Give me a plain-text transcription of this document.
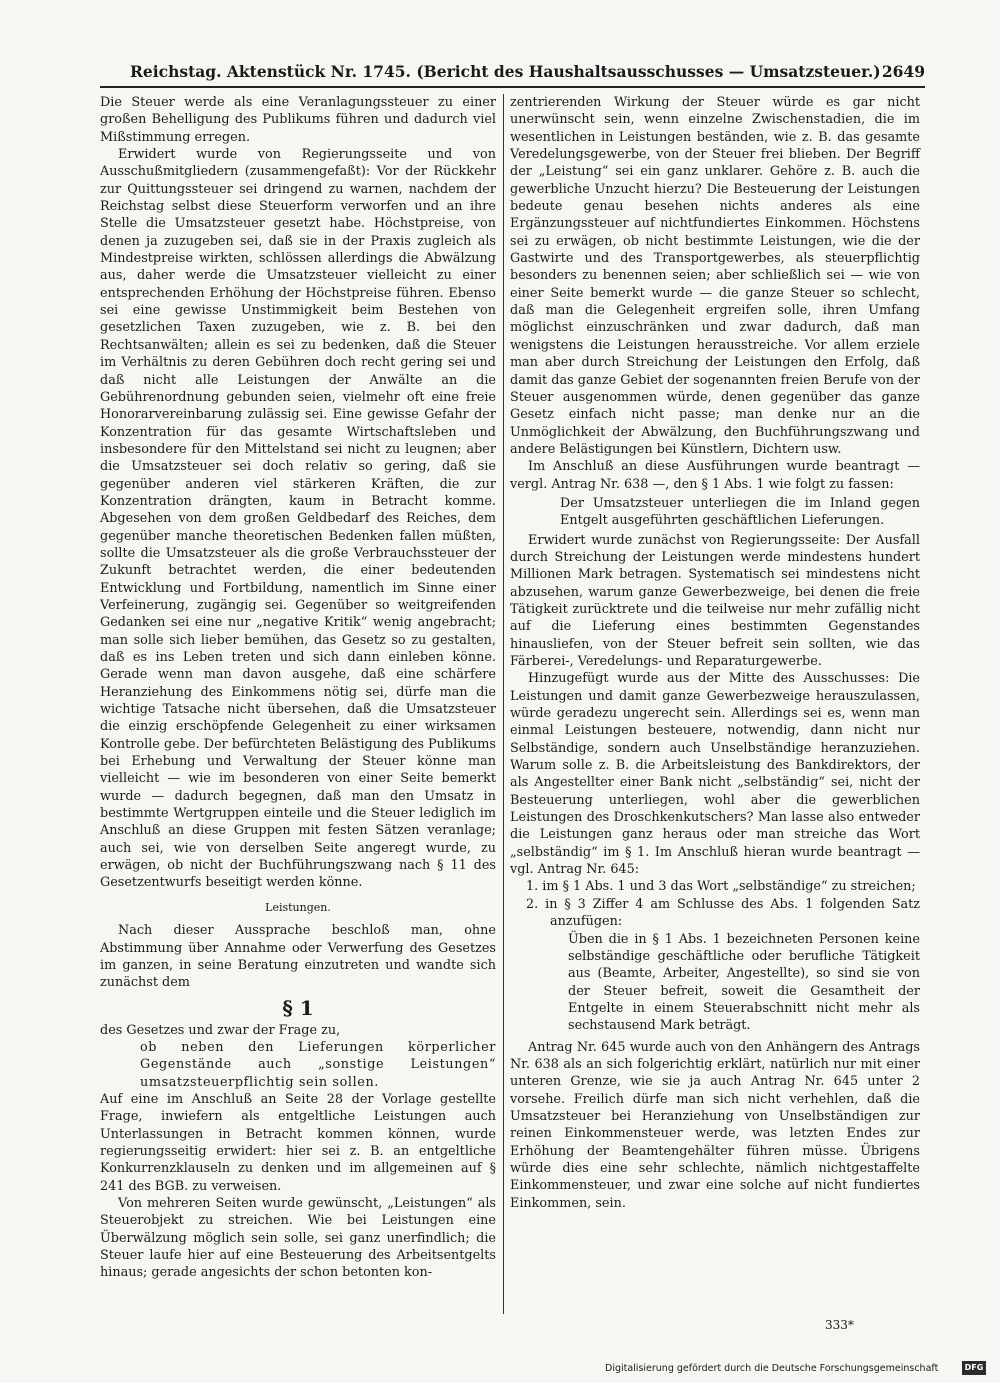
Reichstag. Aktenstück Nr. 1745. (Bericht des Haushaltsausschusses — Umsatzsteuer.) 2649

Die Steuer werde als eine Veranlagungssteuer zu einer großen Behelligung des Publikums führen und dadurch viel Mißstimmung erregen.

Erwidert wurde von Regierungsseite und von Ausschußmitgliedern (zusammengefaßt): Vor der Rückkehr zur Quittungssteuer sei dringend zu warnen, nachdem der Reichstag selbst diese Steuerform verworfen und an ihre Stelle die Umsatzsteuer gesetzt habe. Höchstpreise, von denen ja zuzugeben sei, daß sie in der Praxis zugleich als Mindestpreise wirkten, schlössen allerdings die Abwälzung aus, daher werde die Umsatzsteuer vielleicht zu einer entsprechenden Erhöhung der Höchstpreise führen. Ebenso sei eine gewisse Unstimmigkeit beim Bestehen von gesetzlichen Taxen zuzugeben, wie z. B. bei den Rechtsanwälten; allein es sei zu bedenken, daß die Steuer im Verhältnis zu deren Gebühren doch recht gering sei und daß nicht alle Leistungen der Anwälte an die Gebührenordnung gebunden seien, vielmehr oft eine freie Honorarvereinbarung zulässig sei. Eine gewisse Gefahr der Konzentration für das gesamte Wirtschaftsleben und insbesondere für den Mittelstand sei nicht zu leugnen; aber die Umsatzsteuer sei doch relativ so gering, daß sie gegenüber anderen viel stärkeren Kräften, die zur Konzentration drängten, kaum in Betracht komme. Abgesehen von dem großen Geldbedarf des Reiches, dem gegenüber manche theoretischen Bedenken fallen müßten, sollte die Umsatzsteuer als die große Verbrauchssteuer der Zukunft betrachtet werden, die einer bedeutenden Entwicklung und Fortbildung, namentlich im Sinne einer Verfeinerung, zugängig sei. Gegenüber so weitgreifenden Gedanken sei eine nur „negative Kritik“ wenig angebracht; man solle sich lieber bemühen, das Gesetz so zu gestalten, daß es ins Leben treten und sich dann einleben könne. Gerade wenn man davon ausgehe, daß eine schärfere Heranziehung des Einkommens nötig sei, dürfe man die wichtige Tatsache nicht übersehen, daß die Umsatzsteuer die einzig erschöpfende Gelegenheit zu einer wirksamen Kontrolle gebe. Der befürchteten Belästigung des Publikums bei Erhebung und Verwaltung der Steuer könne man vielleicht — wie im besonderen von einer Seite bemerkt wurde — dadurch begegnen, daß man den Umsatz in bestimmte Wertgruppen einteile und die Steuer lediglich im Anschluß an diese Gruppen mit festen Sätzen veranlage; auch sei, wie von derselben Seite angeregt wurde, zu erwägen, ob nicht der Buchführungszwang nach § 11 des Gesetzentwurfs beseitigt werden könne.

Leistungen.

Nach dieser Aussprache beschloß man, ohne Abstimmung über Annahme oder Verwerfung des Gesetzes im ganzen, in seine Beratung einzutreten und wandte sich zunächst dem

§ 1

des Gesetzes und zwar der Frage zu,

ob neben den Lieferungen körperlicher Gegenstände auch „sonstige Leistungen“ umsatzsteuerpflichtig sein sollen.

Auf eine im Anschluß an Seite 28 der Vorlage gestellte Frage, inwiefern als entgeltliche Leistungen auch Unterlassungen in Betracht kommen können, wurde regierungsseitig erwidert: hier sei z. B. an entgeltliche Konkurrenzklauseln zu denken und im allgemeinen auf § 241 des BGB. zu verweisen.

Von mehreren Seiten wurde gewünscht, „Leistungen“ als Steuerobjekt zu streichen. Wie bei Leistungen eine Überwälzung möglich sein solle, sei ganz unerfindlich; die Steuer laufe hier auf eine Besteuerung des Arbeitsentgelts hinaus; gerade angesichts der schon betonten kon-

zentrierenden Wirkung der Steuer würde es gar nicht unerwünscht sein, wenn einzelne Zwischenstadien, die im wesentlichen in Leistungen beständen, wie z. B. das gesamte Veredelungsgewerbe, von der Steuer frei blieben. Der Begriff der „Leistung“ sei ein ganz unklarer. Gehöre z. B. auch die gewerbliche Unzucht hierzu? Die Besteuerung der Leistungen bedeute genau besehen nichts anderes als eine Ergänzungssteuer auf nichtfundiertes Einkommen. Höchstens sei zu erwägen, ob nicht bestimmte Leistungen, wie die der Gastwirte und des Transportgewerbes, als steuerpflichtig besonders zu benennen seien; aber schließlich sei — wie von einer Seite bemerkt wurde — die ganze Steuer so schlecht, daß man die Gelegenheit ergreifen solle, ihren Umfang möglichst einzuschränken und zwar dadurch, daß man wenigstens die Leistungen herausstreiche. Vor allem erziele man aber durch Streichung der Leistungen den Erfolg, daß damit das ganze Gebiet der sogenannten freien Berufe von der Steuer ausgenommen würde, denen gegenüber das ganze Gesetz einfach nicht passe; man denke nur an die Unmöglichkeit der Abwälzung, den Buchführungszwang und andere Belästigungen bei Künstlern, Dichtern usw.

Im Anschluß an diese Ausführungen wurde beantragt — vergl. Antrag Nr. 638 —, den § 1 Abs. 1 wie folgt zu fassen:

Der Umsatzsteuer unterliegen die im Inland gegen Entgelt ausgeführten geschäftlichen Lieferungen.

Erwidert wurde zunächst von Regierungsseite: Der Ausfall durch Streichung der Leistungen werde mindestens hundert Millionen Mark betragen. Systematisch sei mindestens nicht abzusehen, warum ganze Gewerbezweige, bei denen die freie Tätigkeit zurücktrete und die teilweise nur mehr zufällig nicht auf die Lieferung eines bestimmten Gegenstandes hinausliefen, von der Steuer befreit sein sollten, wie das Färberei-, Veredelungs- und Reparaturgewerbe.

Hinzugefügt wurde aus der Mitte des Ausschusses: Die Leistungen und damit ganze Gewerbezweige herauszulassen, würde geradezu ungerecht sein. Allerdings sei es, wenn man einmal Leistungen besteuere, notwendig, dann nicht nur Selbständige, sondern auch Unselbständige heranzuziehen. Warum solle z. B. die Arbeitsleistung des Bankdirektors, der als Angestellter einer Bank nicht „selbständig“ sei, nicht der Besteuerung unterliegen, wohl aber die gewerblichen Leistungen des Droschkenkutschers? Man lasse also entweder die Leistungen ganz heraus oder man streiche das Wort „selbständig“ im § 1. Im Anschluß hieran wurde beantragt — vgl. Antrag Nr. 645:

1. im § 1 Abs. 1 und 3 das Wort „selbständige“ zu streichen;

2. in § 3 Ziffer 4 am Schlusse des Abs. 1 folgenden Satz anzufügen:

Üben die in § 1 Abs. 1 bezeichneten Personen keine selbständige geschäftliche oder berufliche Tätigkeit aus (Beamte, Arbeiter, Angestellte), so sind sie von der Steuer befreit, soweit die Gesamtheit der Entgelte in einem Steuerabschnitt nicht mehr als sechstausend Mark beträgt.

Antrag Nr. 645 wurde auch von den Anhängern des Antrags Nr. 638 als an sich folgerichtig erklärt, natürlich nur mit einer unteren Grenze, wie sie ja auch Antrag Nr. 645 unter 2 vorsehe. Freilich dürfe man sich nicht verhehlen, daß die Umsatzsteuer bei Heranziehung von Unselbständigen zur reinen Einkommensteuer werde, was letzten Endes zur Erhöhung der Beamtengehälter führen müsse. Übrigens würde dies eine sehr schlechte, nämlich nichtgestaffelte Einkommensteuer, und zwar eine solche auf nicht fundiertes Einkommen, sein.

333*
Digitalisierung gefördert durch die Deutsche Forschungsgemeinschaft	DFG
